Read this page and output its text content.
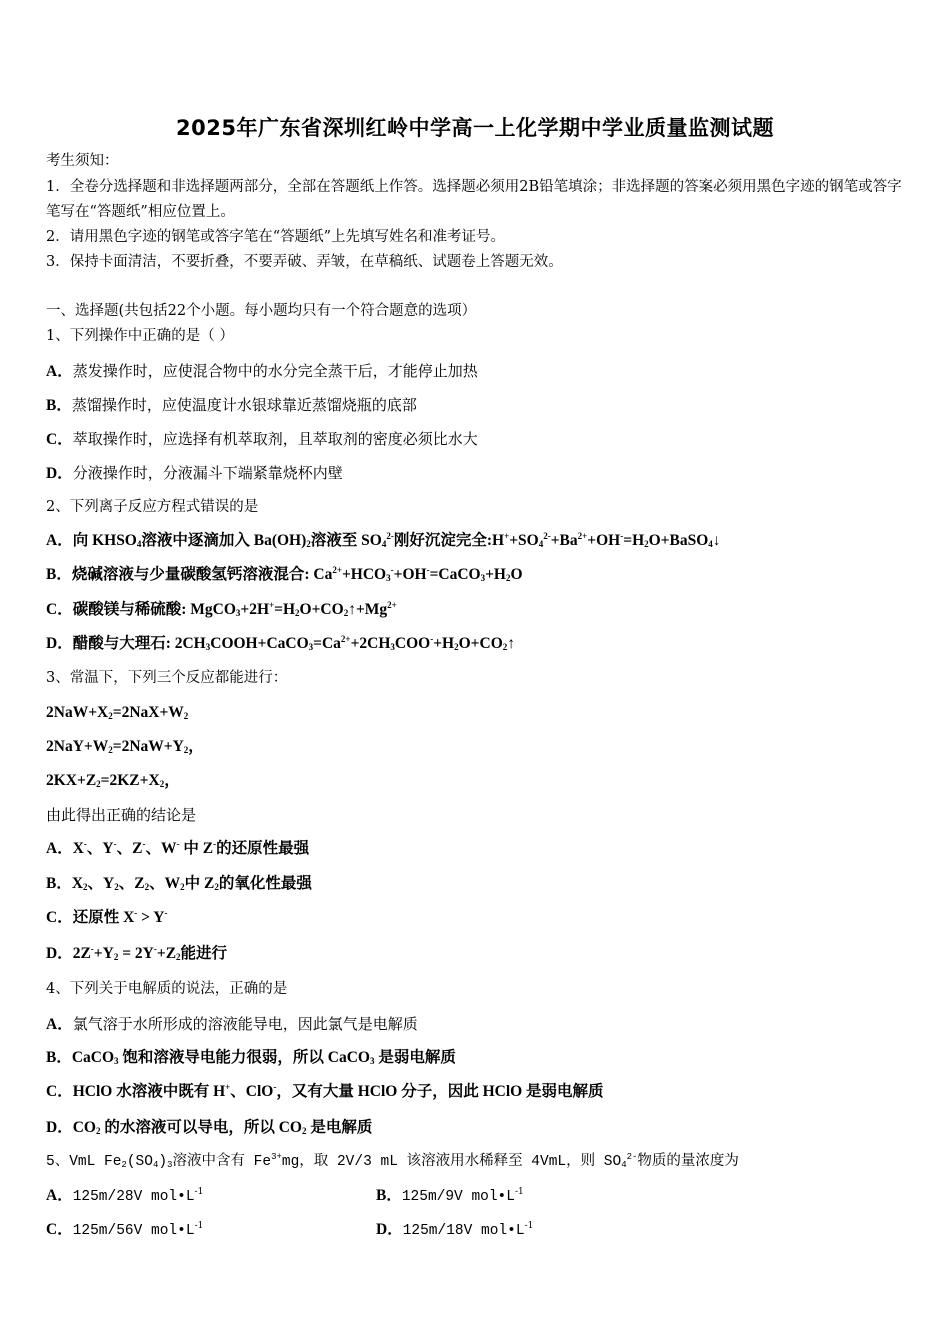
2025年广东省深圳红岭中学高一上化学期中学业质量监测试题
考生须知：
1．全卷分选择题和非选择题两部分，全部在答题纸上作答。选择题必须用2B铅笔填涂；非选择题的答案必须用黑色字迹的钢笔或答字笔写在“答题纸”相应位置上。
2．请用黑色字迹的钢笔或答字笔在“答题纸”上先填写姓名和准考证号。
3．保持卡面清洁，不要折叠，不要弄破、弄皱，在草稿纸、试题卷上答题无效。
一、选择题(共包括22个小题。每小题均只有一个符合题意的选项）
1、下列操作中正确的是（ ）
A．蒸发操作时，应使混合物中的水分完全蒸干后，才能停止加热
B．蒸馏操作时，应使温度计水银球靠近蒸馏烧瓶的底部
C．萃取操作时，应选择有机萃取剂，且萃取剂的密度必须比水大
D．分液操作时，分液漏斗下端紧靠烧杯内壁
2、下列离子反应方程式错误的是
A．向 $KHSO_4$溶液中逐滴加入 $Ba(OH)_2$溶液至 $SO_4^{2-}$刚好沉淀完全$:H^++SO_4^{2-}+Ba^{2+}+OH^-=H_2O+BaSO_4↓$
B．烧碱溶液与少量碳酸氢钙溶液混合: $Ca^{2+}+HCO_3^-+OH^-=CaCO_3+H_2O$
C．碳酸镁与稀硫酸: $MgCO_3+2H^+=H_2O+CO_2↑+Mg^{2+}$
D．醋酸与大理石: $2CH_3COOH+CaCO_3=Ca^{2+}+2CH_3COO^-+H_2O+CO_2↑$
3、常温下，下列三个反应都能进行：
$2NaW+X_2=2NaX+W_2$
$2NaY+W_2=2NaW+Y_2$，
$2KX+Z_2=2KZ+X_2$，
由此得出正确的结论是
A．X-、Y-、Z-、W- 中 Z-的还原性最强
B．$X_2$、$Y_2$、$Z_2$、$W_2$中 $Z_2$的氧化性最强
C．还原性 X- > Y-
D．$2Z^-+Y_2 = 2Y^-+Z_2$能进行
4、下列关于电解质的说法，正确的是
A．氯气溶于水所形成的溶液能导电，因此氯气是电解质
B．CaCO$_3$ 饱和溶液导电能力很弱，所以 CaCO$_3$ 是弱电解质
C．HClO 水溶液中既有 H+、ClO-，又有大量 HClO 分子，因此 HClO 是弱电解质
D．$CO_2$ 的水溶液可以导电，所以 $CO_2$ 是电解质
5、VmL $Fe_2(SO_4)_3$溶液中含有 $Fe^{3+}mg$，取 2V/3 mL 该溶液用水稀释至 4VmL，则 $SO_4^{2-}$物质的量浓度为
A．125m/28V $mol•L^{-1}$	B．125m/9V $mol•L^{-1}$
C．125m/56V $mol•L^{-1}$	D．125m/18V $mol•L^{-1}$
